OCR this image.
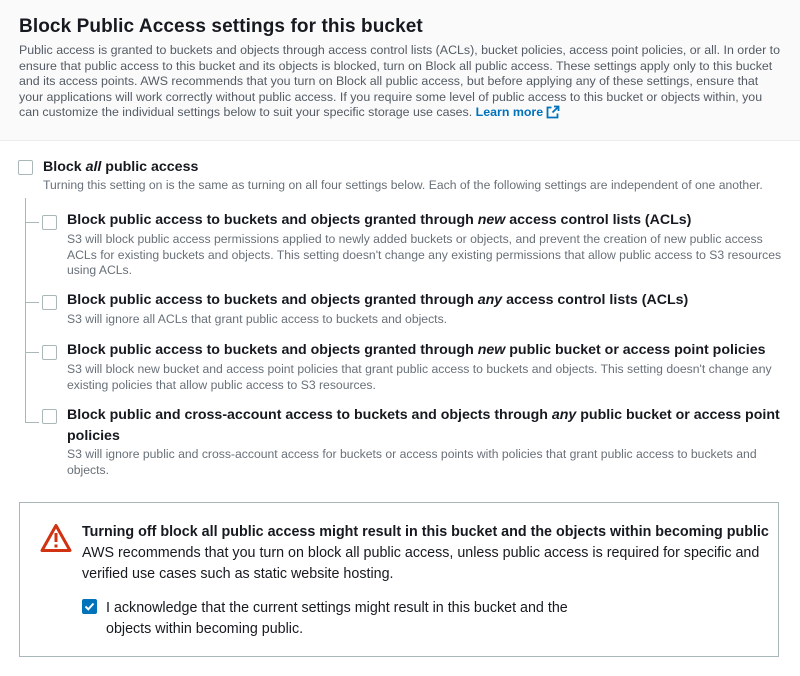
Block Public Access settings for this bucket
Public access is granted to buckets and objects through access control lists (ACLs), bucket policies, access point policies, or all. In order to ensure that public access to this bucket and its objects is blocked, turn on Block all public access. These settings apply only to this bucket and its access points. AWS recommends that you turn on Block all public access, but before applying any of these settings, ensure that your applications will work correctly without public access. If you require some level of public access to this bucket or objects within, you can customize the individual settings below to suit your specific storage use cases. Learn more
Block all public access
Turning this setting on is the same as turning on all four settings below. Each of the following settings are independent of one another.
Block public access to buckets and objects granted through new access control lists (ACLs)
S3 will block public access permissions applied to newly added buckets or objects, and prevent the creation of new public access ACLs for existing buckets and objects. This setting doesn't change any existing permissions that allow public access to S3 resources using ACLs.
Block public access to buckets and objects granted through any access control lists (ACLs)
S3 will ignore all ACLs that grant public access to buckets and objects.
Block public access to buckets and objects granted through new public bucket or access point policies
S3 will block new bucket and access point policies that grant public access to buckets and objects. This setting doesn't change any existing policies that allow public access to S3 resources.
Block public and cross-account access to buckets and objects through any public bucket or access point policies
S3 will ignore public and cross-account access for buckets or access points with policies that grant public access to buckets and objects.
Turning off block all public access might result in this bucket and the objects within becoming public
AWS recommends that you turn on block all public access, unless public access is required for specific and verified use cases such as static website hosting.
I acknowledge that the current settings might result in this bucket and the objects within becoming public.
